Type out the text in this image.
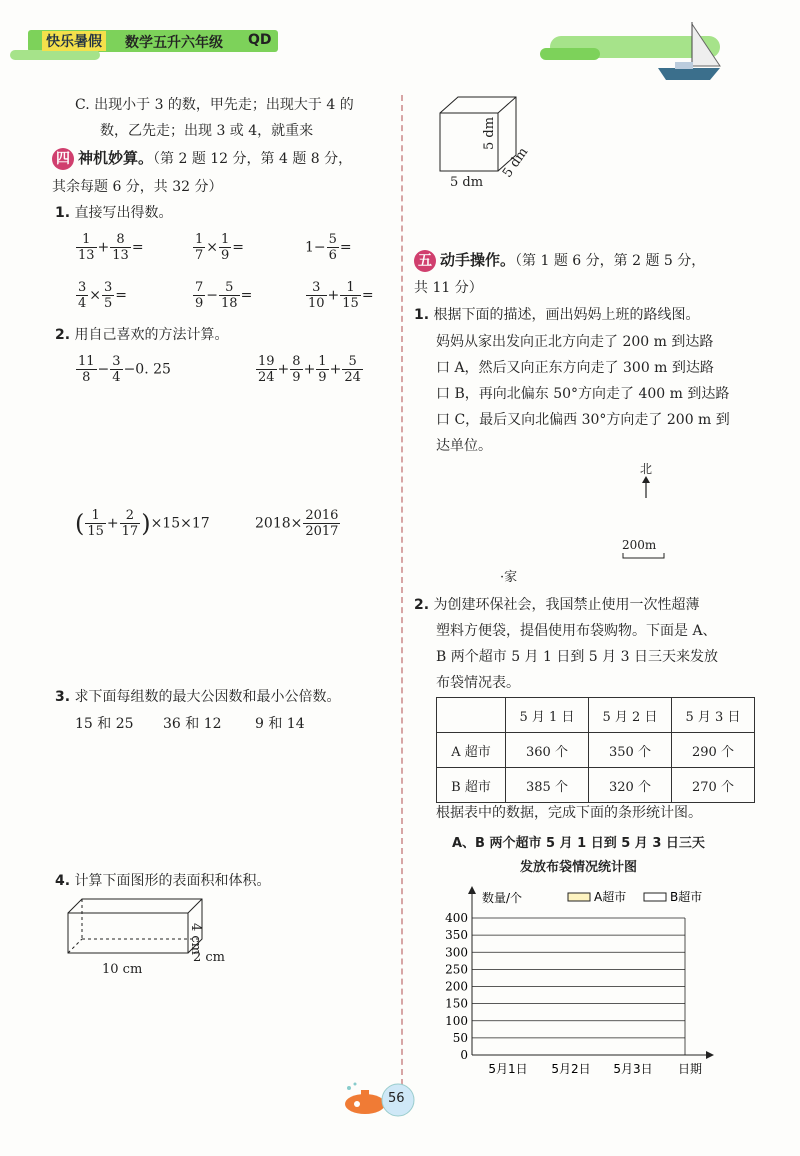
快乐暑假 数学五升六年级 QD
C. 出现小于 3 的数，甲先走；出现大于 4 的
数，乙先走；出现 3 或 4，就重来
四 神机妙算。（第 2 题 12 分，第 4 题 8 分，
其余每题 6 分，共 32 分）
1. 直接写出得数。
$\frac{1}{13} + \frac{8}{13}$ =	$\frac{1}{7} \times \frac{1}{9}$ =	$1- \frac{5}{6}$ =
$\frac{3}{4} \times \frac{3}{5}$ =	$\frac{7}{9} - \frac{5}{18}$ =	$\frac{3}{10} + \frac{1}{15}$ =
2. 用自己喜欢的方法计算。
$\frac{11}{8} - \frac{3}{4} -0$. 25	$\frac{19}{24} + \frac{8}{9} + \frac{1}{9} + \frac{5}{24}$
( $\frac{1}{15} + \frac{2}{17} )\times 15\times 17$	$2018\times \frac{2016}{2017}$
3. 求下面每组数的最大公因数和最小公倍数。
15 和 25 36 和 12 9 和 14
4. 计算下面图形的表面积和体积。
10 cm
4 cm
2 cm
5 dm
5 dm
5 dm
五 动手操作。（第 1 题 6 分，第 2 题 5 分，
共 11 分）
1. 根据下面的描述，画出妈妈上班的路线图。
妈妈从家出发向正北方向走了 200 m 到达路
口 A，然后又向正东方向走了 300 m 到达路
口 B，再向北偏东 50°方向走了 400 m 到达路
口 C，最后又向北偏西 30°方向走了 200 m 到
达单位。
北
200m
·家
2. 为创建环保社会，我国禁止使用一次性超薄
塑料方便袋，提倡使用布袋购物。下面是 A、
B 两个超市 5 月 1 日到 5 月 3 日三天来发放
布袋情况表。
	5 月 1 日	5 月 2 日	5 月 3 日
A 超市	360 个	350 个	290 个
B 超市	385 个	320 个	270 个
根据表中的数据，完成下面的条形统计图。
A、B 两个超市 5 月 1 日到 5 月 3 日三天
发放布袋情况统计图
0
50
100
150
200
250
300
350
400
数量/个	A超市	B超市
5月1日 5月2日 5月3日 日期
56
